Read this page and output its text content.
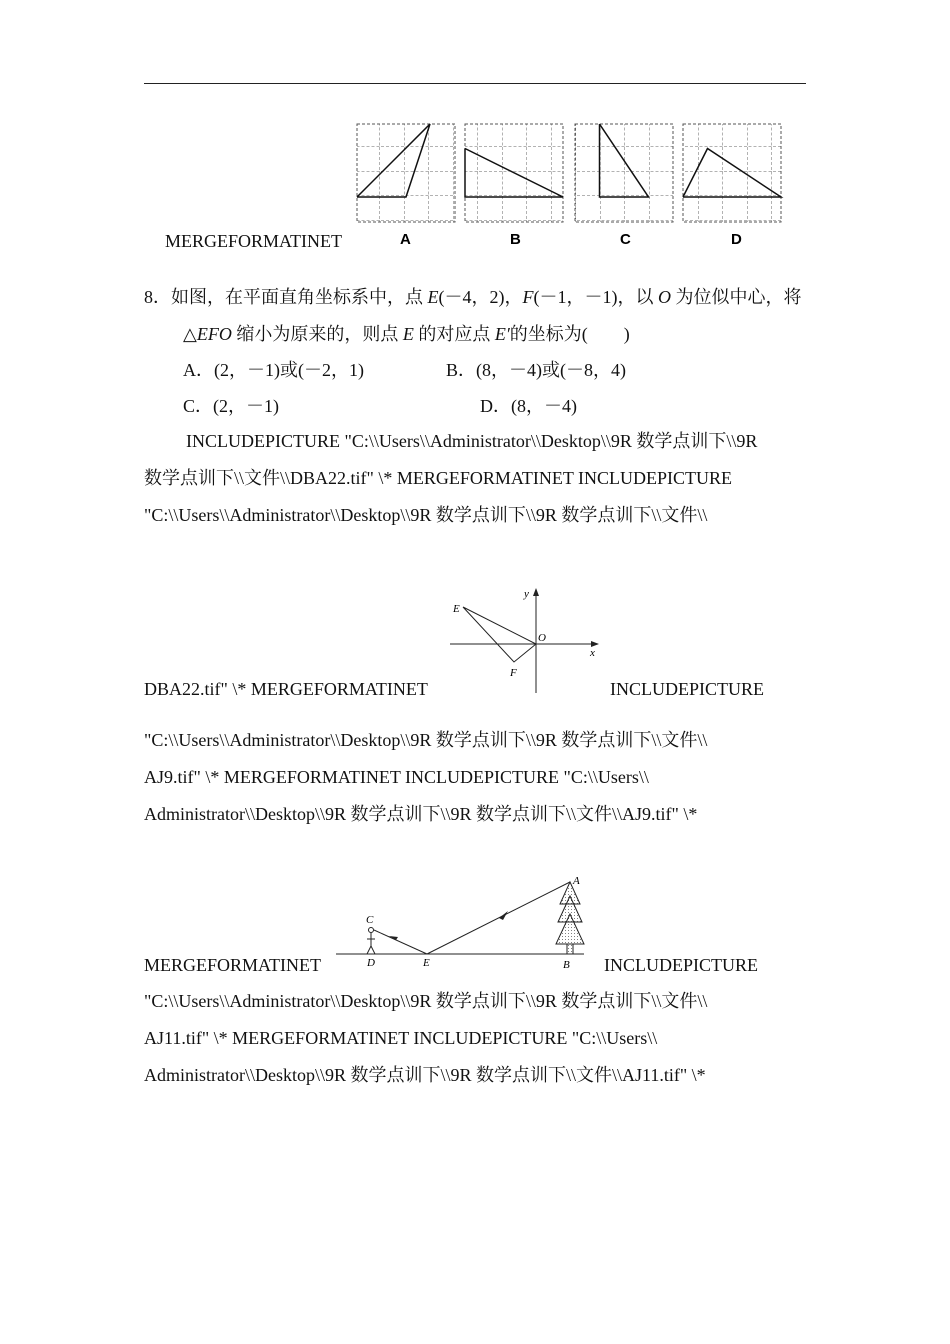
MERGEFORMATINET	A	B	C	D
8．如图，在平面直角坐标系中，点 E(－4，2)，F(－1，－1)，以 O 为位似中心，将
△EFO 缩小为原来的，则点 E 的对应点 E′的坐标为(　　)
A．(2，－1)或(－2，1)	B．(8，－4)或(－8，4)
C．(2，－1)	D．(8，－4)
INCLUDEPICTURE "C:\\Users\\Administrator\\Desktop\\9R 数学点训下\\9R
数学点训下\\文件\\DBA22.tif" \* MERGEFORMATINET INCLUDEPICTURE
"C:\\Users\\Administrator\\Desktop\\9R 数学点训下\\9R 数学点训下\\文件\\
E
F
O
x
y
DBA22.tif" \* MERGEFORMATINET	INCLUDEPICTURE
"C:\\Users\\Administrator\\Desktop\\9R 数学点训下\\9R 数学点训下\\文件\\
AJ9.tif" \* MERGEFORMATINET INCLUDEPICTURE "C:\\Users\\
Administrator\\Desktop\\9R 数学点训下\\9R 数学点训下\\文件\\AJ9.tif" \*
A
B
C
D	E
MERGEFORMATINET	INCLUDEPICTURE
"C:\\Users\\Administrator\\Desktop\\9R 数学点训下\\9R 数学点训下\\文件\\
AJ11.tif" \* MERGEFORMATINET INCLUDEPICTURE "C:\\Users\\
Administrator\\Desktop\\9R 数学点训下\\9R 数学点训下\\文件\\AJ11.tif" \*
